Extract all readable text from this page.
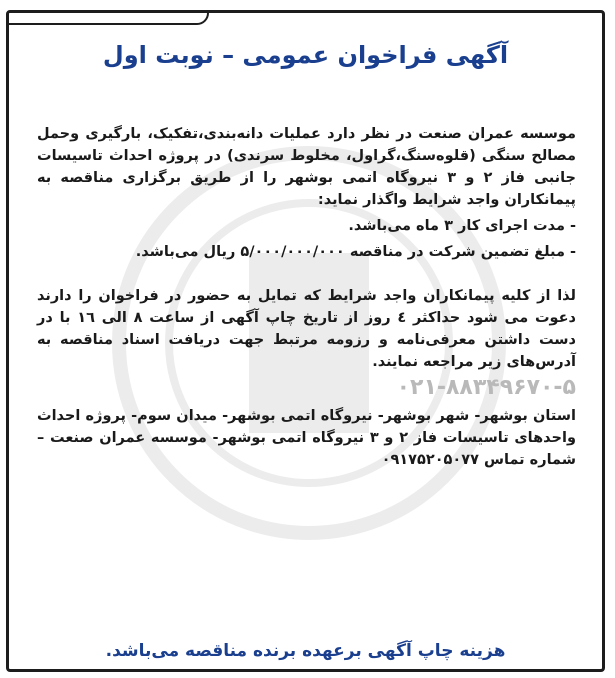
آگهی فراخوان عمومی – نوبت اول

موسسه عمران صنعت در نظر دارد عملیات دانه‌بندی،تفکیک، بارگیری وحمل مصالح سنگی (قلوه‌سنگ،گراول، مخلوط سرندی) در پروژه احداث تاسیسات جانبی فاز ۲ و ۳ نیروگاه اتمی بوشهر را از طریق برگزاری مناقصه به پیمانکاران واجد شرایط واگذار نماید:

- مدت اجرای کار ۳ ماه می‌باشد.

- مبلغ تضمین شرکت در مناقصه ۵/۰۰۰/۰۰۰/۰۰۰ ریال می‌باشد.

لذا از کلیه پیمانکاران واجد شرایط که تمایل به حضور در فراخوان را دارند دعوت می شود حداکثر ٤ روز از تاریخ چاپ آگهی از ساعت ۸ الی ۱٦ با در دست داشتن معرفی‌نامه و رزومه مرتبط جهت دریافت اسناد مناقصه به آدرس‌های زیر مراجعه نمایند.

۰۲۱-۸۸۳۴۹۶۷۰-۵

استان بوشهر- شهر بوشهر- نیروگاه اتمی بوشهر- میدان سوم- پروژه احداث واحدهای تاسیسات فاز ۲ و ۳ نیروگاه اتمی بوشهر- موسسه عمران صنعت – شماره تماس ۰۹۱۷۵۲۰۵۰۷۷

هزینه چاپ آگهی برعهده برنده مناقصه می‌باشد.
